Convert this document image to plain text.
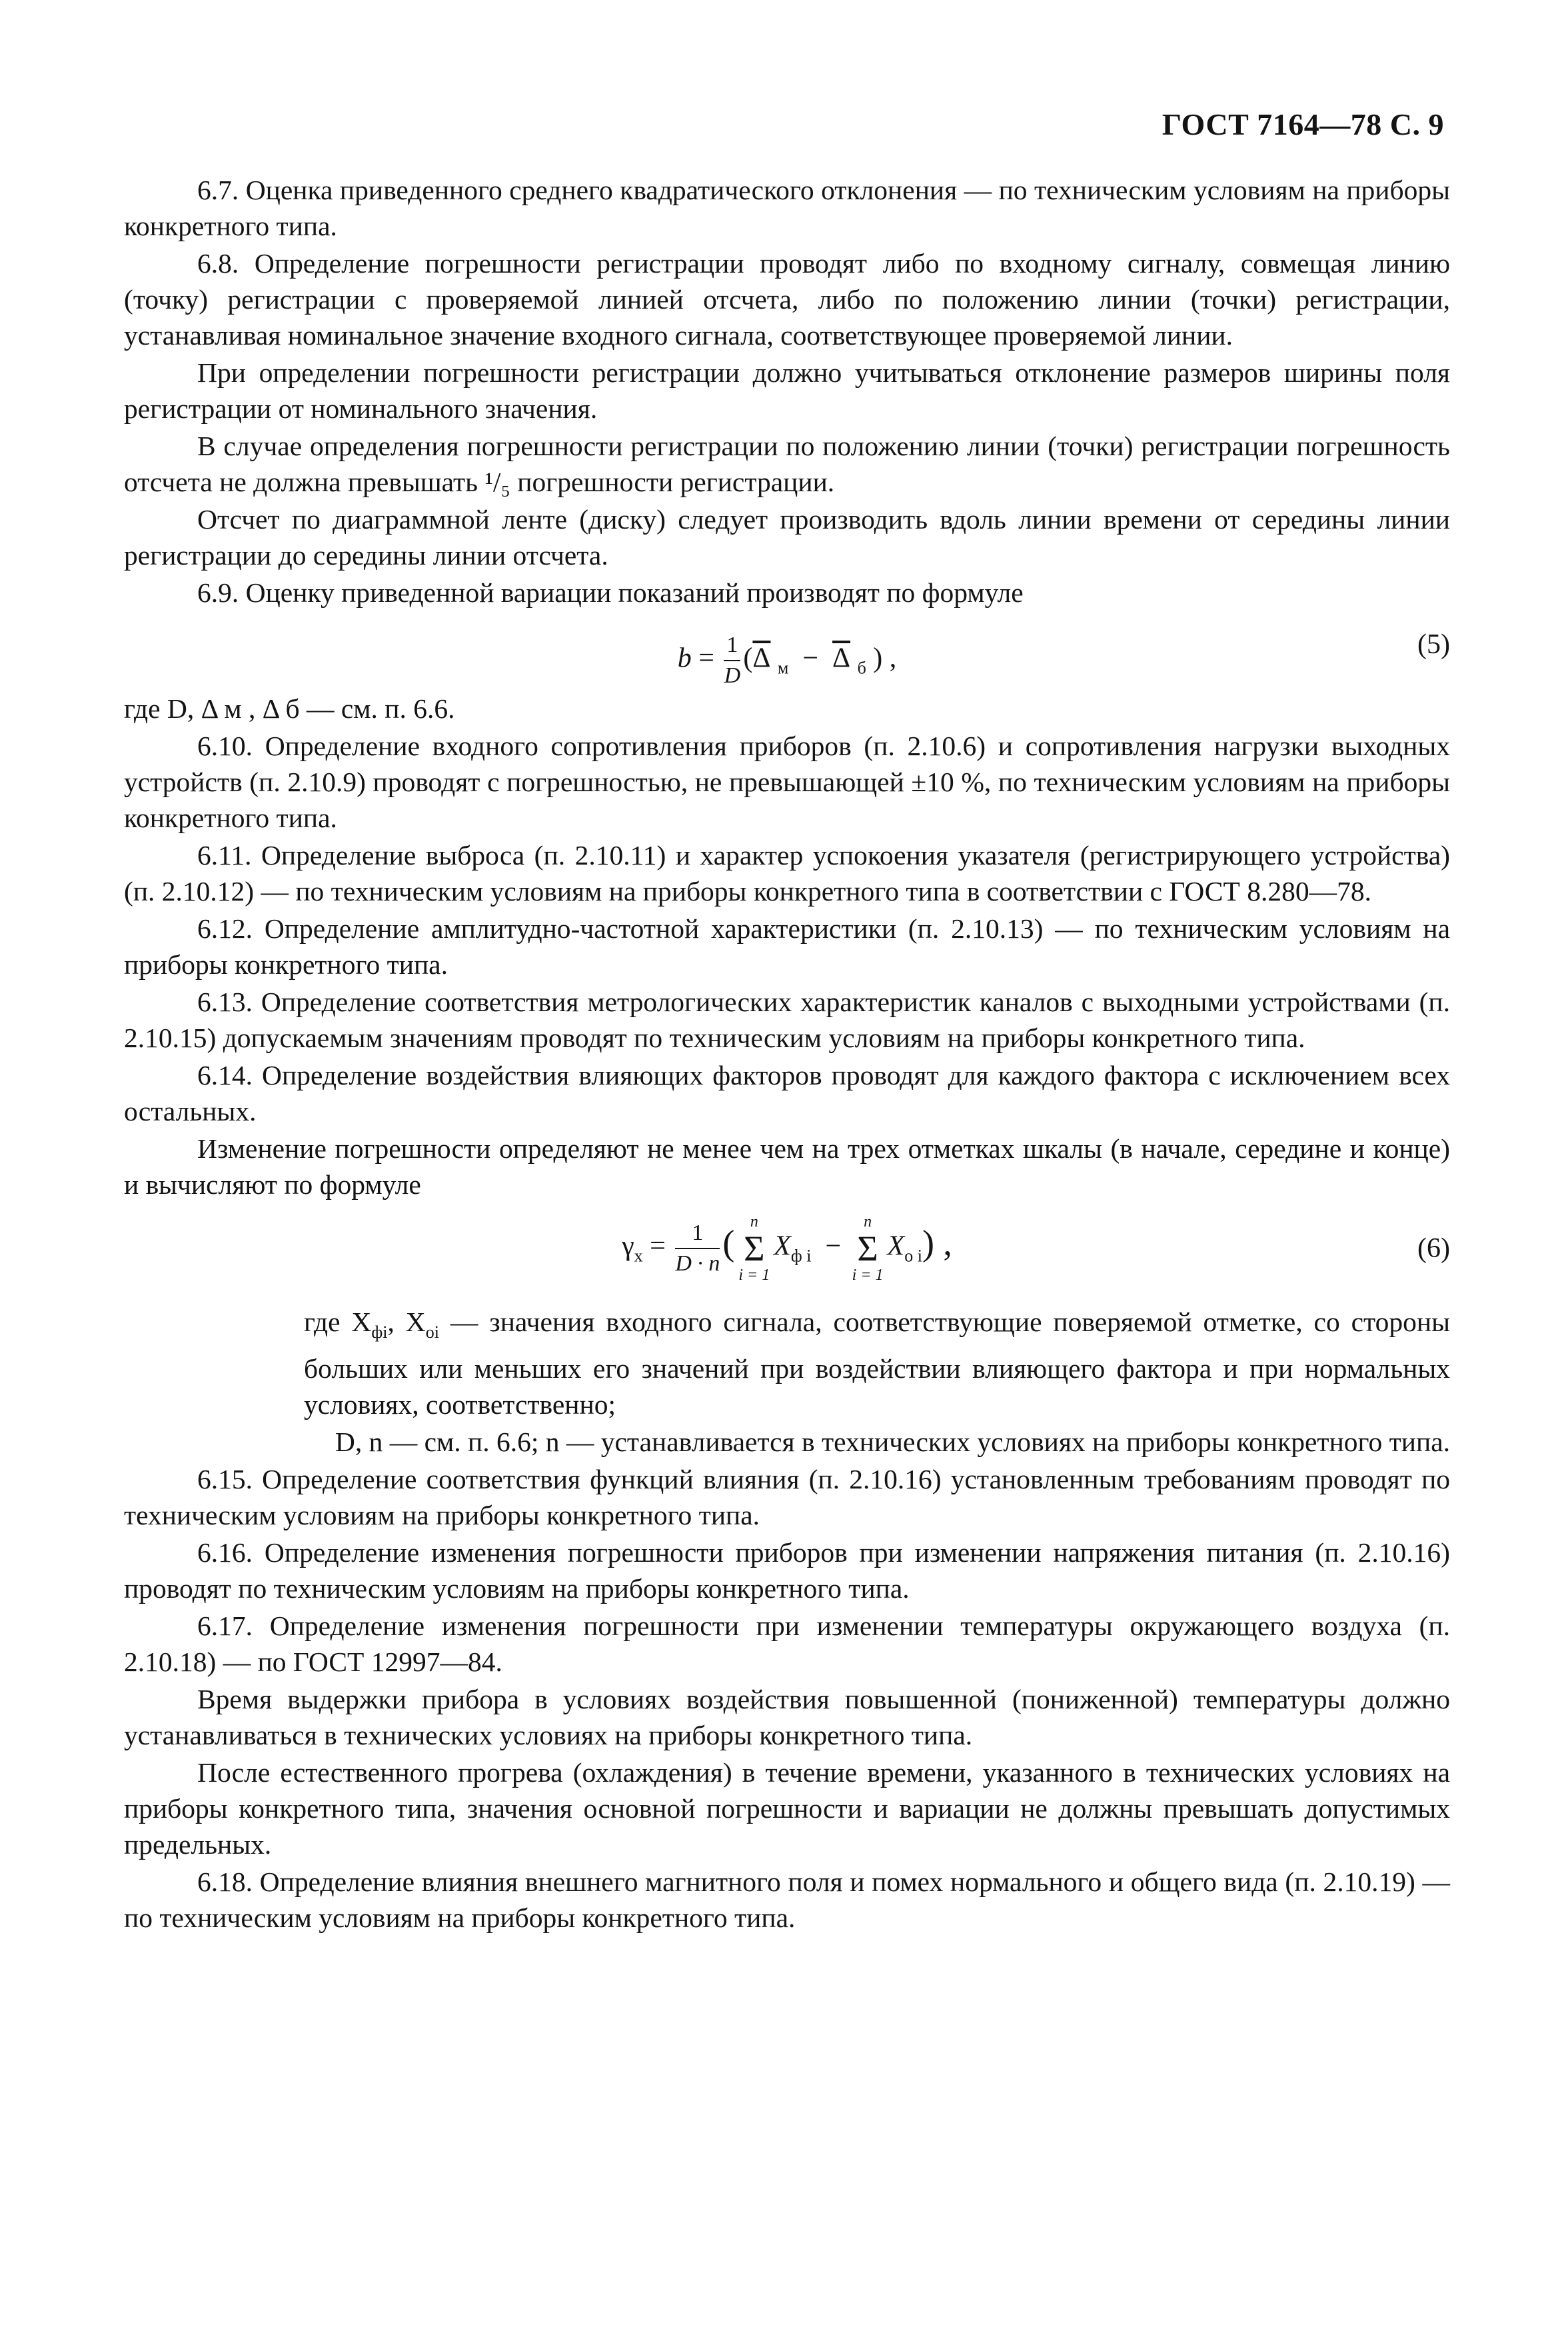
ГОСТ 7164—78 С. 9

6.7. Оценка приведенного среднего квадратического отклонения — по техническим условиям на приборы конкретного типа.

6.8. Определение погрешности регистрации проводят либо по входному сигналу, совмещая линию (точку) регистрации с проверяемой линией отсчета, либо по положению линии (точки) регистрации, устанавливая номинальное значение входного сигнала, соответствующее проверяемой линии.

При определении погрешности регистрации должно учитываться отклонение размеров ширины поля регистрации от номинального значения.

В случае определения погрешности регистрации по положению линии (точки) регистрации погрешность отсчета не должна превышать ¹/₅ погрешности регистрации.

Отсчет по диаграммной ленте (диску) следует производить вдоль линии времени от середины линии регистрации до середины линии отсчета.

6.9. Оценку приведенной вариации показаний производят по формуле

$b = \frac{1}{D} (\overline{\Delta}$ $_м - \overline{\Delta}$ $_б$ ) ,	(5)

где D, Δ м , Δ б — см. п. 6.6.

6.10. Определение входного сопротивления приборов (п. 2.10.6) и сопротивления нагрузки выходных устройств (п. 2.10.9) проводят с погрешностью, не превышающей ±10 %, по техническим условиям на приборы конкретного типа.

6.11. Определение выброса (п. 2.10.11) и характер успокоения указателя (регистрирующего устройства) (п. 2.10.12) — по техническим условиям на приборы конкретного типа в соответствии с ГОСТ 8.280—78.

6.12. Определение амплитудно-частотной характеристики (п. 2.10.13) — по техническим условиям на приборы конкретного типа.

6.13. Определение соответствия метрологических характеристик каналов с выходными устройствами (п. 2.10.15) допускаемым значениям проводят по техническим условиям на приборы конкретного типа.

6.14. Определение воздействия влияющих факторов проводят для каждого фактора с исключением всех остальных.

Изменение погрешности определяют не менее чем на трех отметках шкалы (в начале, середине и конце) и вычисляют по формуле

$\gamma_x = \frac{1}{D \cdot n}$ (
n
Σ
i = 1
$X_{ф i}$ −
n
Σ
i = 1
$X_{о i}$) ,	(6)

где $X_{фi}$, $X_{оi}$ — значения входного сигнала, соответствующие поверяемой отметке, со стороны больших или меньших его значений при воздействии влияющего фактора и при нормальных условиях, соответственно;

D, n — см. п. 6.6; n — устанавливается в технических условиях на приборы конкретного типа.

6.15. Определение соответствия функций влияния (п. 2.10.16) установленным требованиям проводят по техническим условиям на приборы конкретного типа.

6.16. Определение изменения погрешности приборов при изменении напряжения питания (п. 2.10.16) проводят по техническим условиям на приборы конкретного типа.

6.17. Определение изменения погрешности при изменении температуры окружающего воздуха (п. 2.10.18) — по ГОСТ 12997—84.

Время выдержки прибора в условиях воздействия повышенной (пониженной) температуры должно устанавливаться в технических условиях на приборы конкретного типа.

После естественного прогрева (охлаждения) в течение времени, указанного в технических условиях на приборы конкретного типа, значения основной погрешности и вариации не должны превышать допустимых предельных.

6.18. Определение влияния внешнего магнитного поля и помех нормального и общего вида (п. 2.10.19) — по техническим условиям на приборы конкретного типа.
